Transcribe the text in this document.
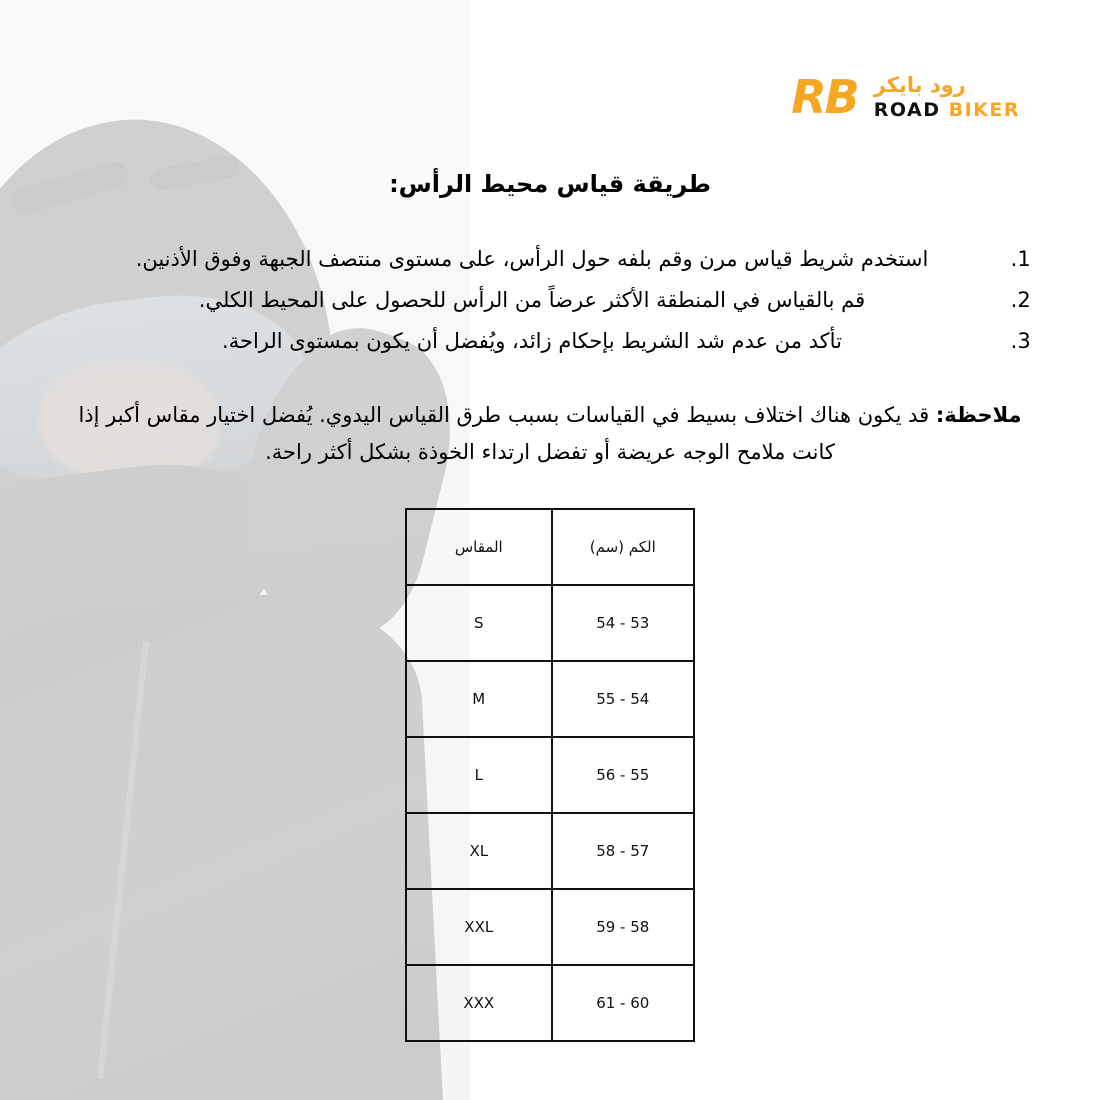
رود بايكر
ROAD BIKER
RB
طريقة قياس محيط الرأس:
1. استخدم شريط قياس مرن وقم بلفه حول الرأس، على مستوى منتصف الجبهة وفوق الأذنين.
2. قم بالقياس في المنطقة الأكثر عرضاً من الرأس للحصول على المحيط الكلي.
3. تأكد من عدم شد الشريط بإحكام زائد، ويُفضل أن يكون بمستوى الراحة.

ملاحظة: قد يكون هناك اختلاف بسيط في القياسات بسبب طرق القياس اليدوي. يُفضل اختيار مقاس أكبر إذا كانت ملامح الوجه عريضة أو تفضل ارتداء الخوذة بشكل أكثر راحة.

الكم (سم)	المقاس
53 - 54	S
54 - 55	M
55 - 56	L
57 - 58	XL
58 - 59	XXL
60 - 61	XXX
